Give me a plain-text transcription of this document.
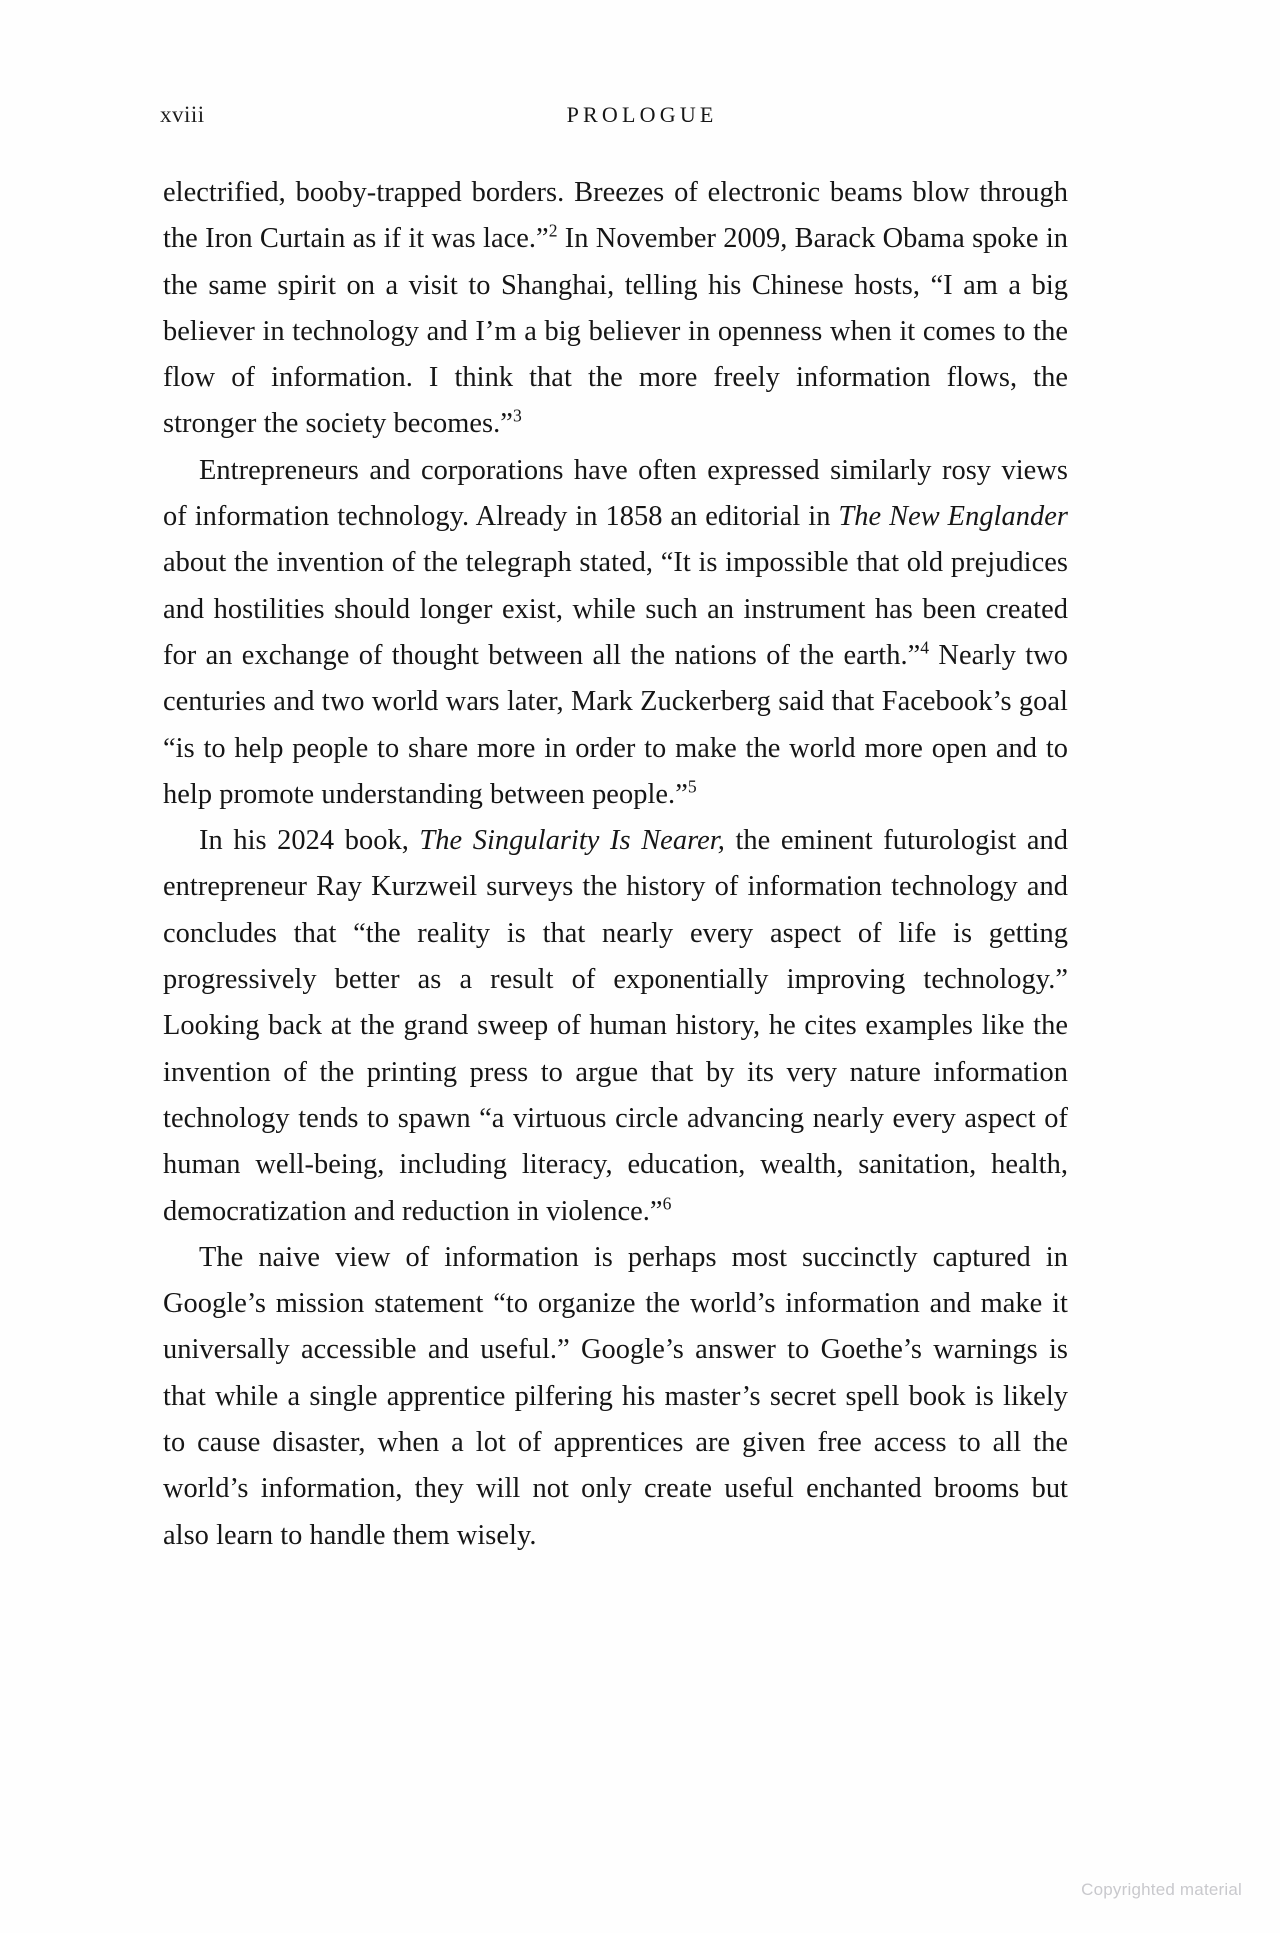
xviii	PROLOGUE

electrified, booby-trapped borders. Breezes of electronic beams blow through the Iron Curtain as if it was lace.”$^2$ In November 2009, Barack Obama spoke in the same spirit on a visit to Shanghai, telling his Chinese hosts, “I am a big believer in technology and I’m a big believer in openness when it comes to the flow of information. I think that the more freely information flows, the stronger the society becomes.”$^3$

Entrepreneurs and corporations have often expressed similarly rosy views of information technology. Already in 1858 an editorial in The New Englander about the invention of the telegraph stated, “It is impossible that old prejudices and hostilities should longer exist, while such an instrument has been created for an exchange of thought between all the nations of the earth.”$^4$ Nearly two centuries and two world wars later, Mark Zuckerberg said that Facebook’s goal “is to help people to share more in order to make the world more open and to help promote understanding between people.”$^5$

In his 2024 book, The Singularity Is Nearer, the eminent futurologist and entrepreneur Ray Kurzweil surveys the history of information technology and concludes that “the reality is that nearly every aspect of life is getting progressively better as a result of exponentially improving technology.” Looking back at the grand sweep of human history, he cites examples like the invention of the printing press to argue that by its very nature information technology tends to spawn “a virtuous circle advancing nearly every aspect of human well-being, including literacy, education, wealth, sanitation, health, democratization and reduction in violence.”$^6$

The naive view of information is perhaps most succinctly captured in Google’s mission statement “to organize the world’s information and make it universally accessible and useful.” Google’s answer to Goethe’s warnings is that while a single apprentice pilfering his master’s secret spell book is likely to cause disaster, when a lot of apprentices are given free access to all the world’s information, they will not only create useful enchanted brooms but also learn to handle them wisely.

Copyrighted material
